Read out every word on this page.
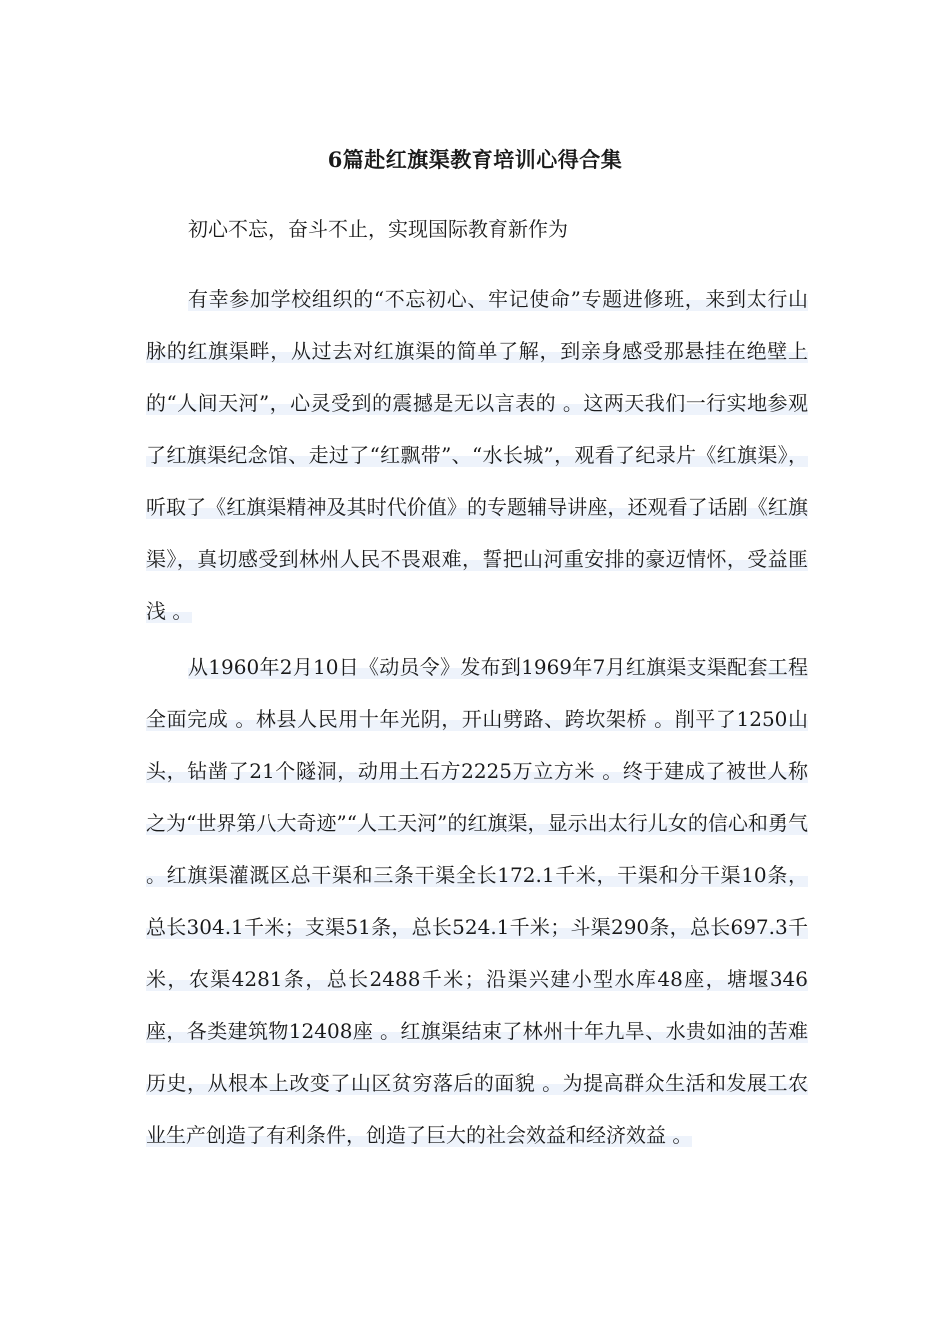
6篇赴红旗渠教育培训心得合集
初心不忘，奋斗不止，实现国际教育新作为

有幸参加学校组织的“不忘初心、牢记使命”专题进修班，来到太行山脉的红旗渠畔，从过去对红旗渠的简单了解，到亲身感受那悬挂在绝壁上的“人间天河”，心灵受到的震撼是无以言表的 。这两天我们一行实地参观了红旗渠纪念馆、走过了“红飘带”、“水长城”，观看了纪录片《红旗渠》，听取了《红旗渠精神及其时代价值》的专题辅导讲座，还观看了话剧《红旗渠》，真切感受到林州人民不畏艰难，誓把山河重安排的豪迈情怀，受益匪浅 。

从1960年2月10日《动员令》发布到1969年7月红旗渠支渠配套工程全面完成 。林县人民用十年光阴，开山劈路、跨坎架桥 。削平了1250山头，钻凿了21个隧洞，动用土石方2225万立方米 。终于建成了被世人称之为“世界第八大奇迹”“人工天河”的红旗渠，显示出太行儿女的信心和勇气 。红旗渠灌溉区总干渠和三条干渠全长172.1千米，干渠和分干渠10条，总长304.1千米；支渠51条，总长524.1千米；斗渠290条，总长697.3千米，农渠4281条，总长2488千米；沿渠兴建小型水库48座，塘堰346座，各类建筑物12408座 。红旗渠结束了林州十年九旱、水贵如油的苦难历史，从根本上改变了山区贫穷落后的面貌 。为提高群众生活和发展工农业生产创造了有利条件，创造了巨大的社会效益和经济效益 。
